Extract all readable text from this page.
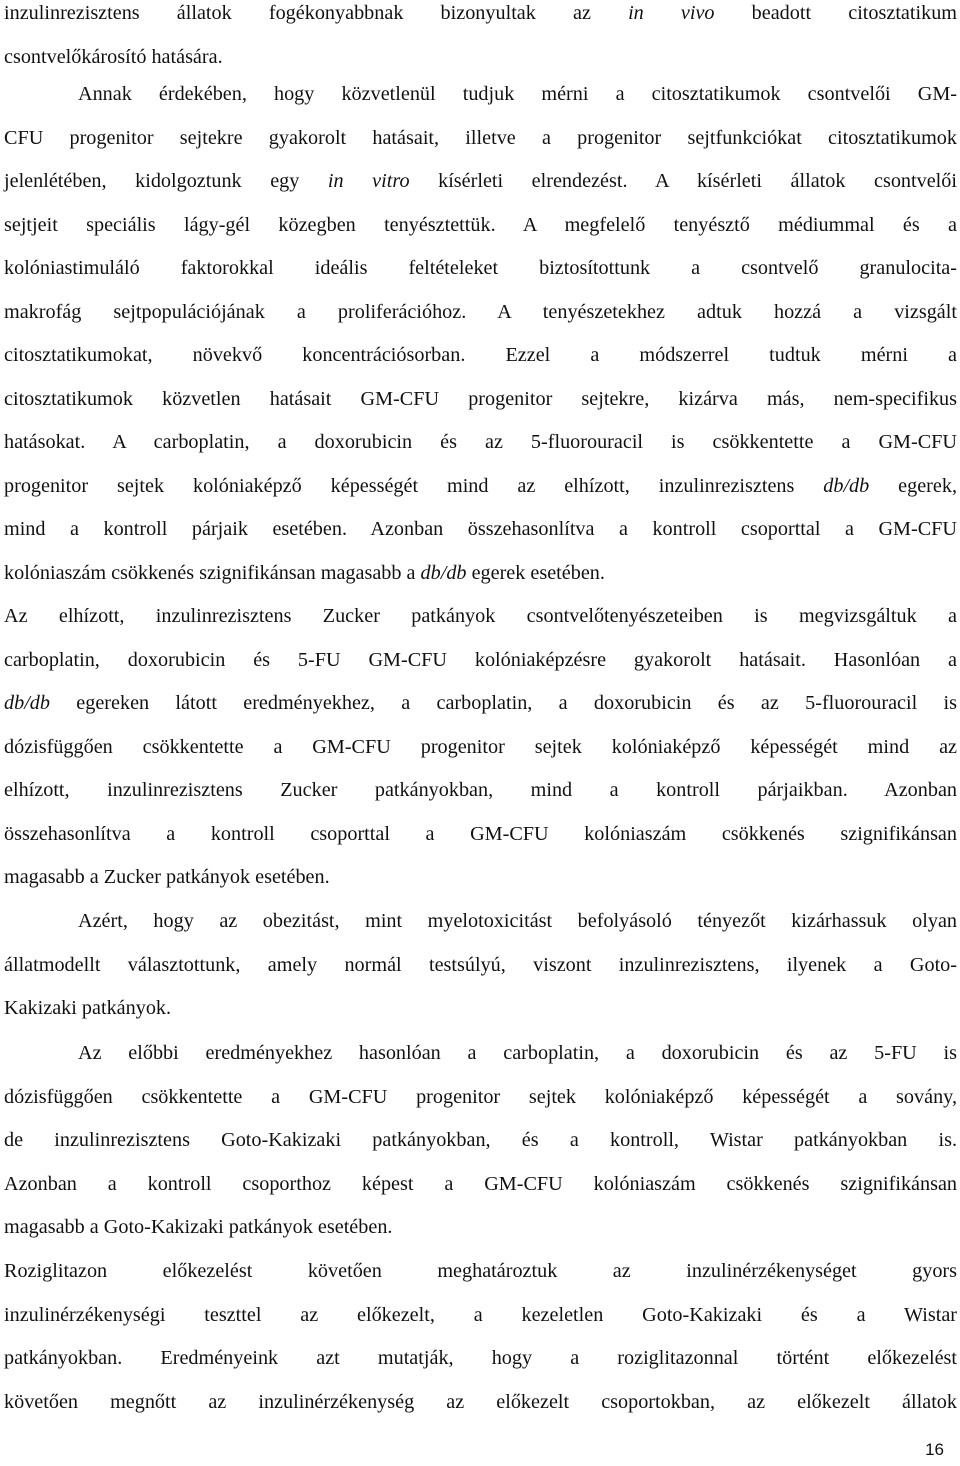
inzulinrezisztens állatok fogékonyabbnak bizonyultak az in vivo beadott citosztatikum
csontvelőkárosító hatására.
Annak érdekében, hogy közvetlenül tudjuk mérni a citosztatikumok csontvelői GM-
CFU progenitor sejtekre gyakorolt hatásait, illetve a progenitor sejtfunkciókat citosztatikumok
jelenlétében, kidolgoztunk egy in vitro kísérleti elrendezést. A kísérleti állatok csontvelői
sejtjeit speciális lágy-gél közegben tenyésztettük. A megfelelő tenyésztő médiummal és a
kolóniastimuláló faktorokkal ideális feltételeket biztosítottunk a csontvelő granulocita-
makrofág sejtpopulációjának a proliferációhoz. A tenyészetekhez adtuk hozzá a vizsgált
citosztatikumokat, növekvő koncentrációsorban. Ezzel a módszerrel tudtuk mérni a
citosztatikumok közvetlen hatásait GM-CFU progenitor sejtekre, kizárva más, nem-specifikus
hatásokat. A carboplatin, a doxorubicin és az 5-fluorouracil is csökkentette a GM-CFU
progenitor sejtek kolóniaképző képességét mind az elhízott, inzulinrezisztens db/db egerek,
mind a kontroll párjaik esetében. Azonban összehasonlítva a kontroll csoporttal a GM-CFU
kolóniaszám csökkenés szignifikánsan magasabb a db/db egerek esetében.
Az elhízott, inzulinrezisztens Zucker patkányok csontvelőtenyészeteiben is megvizsgáltuk a
carboplatin, doxorubicin és 5-FU GM-CFU kolóniaképzésre gyakorolt hatásait. Hasonlóan a
db/db egereken látott eredményekhez, a carboplatin, a doxorubicin és az 5-fluorouracil is
dózisfüggően csökkentette a GM-CFU progenitor sejtek kolóniaképző képességét mind az
elhízott, inzulinrezisztens Zucker patkányokban, mind a kontroll párjaikban. Azonban
összehasonlítva a kontroll csoporttal a GM-CFU kolóniaszám csökkenés szignifikánsan
magasabb a Zucker patkányok esetében.
Azért, hogy az obezitást, mint myelotoxicitást befolyásoló tényezőt kizárhassuk olyan
állatmodellt választottunk, amely normál testsúlyú, viszont inzulinrezisztens, ilyenek a Goto-
Kakizaki patkányok.
Az előbbi eredményekhez hasonlóan a carboplatin, a doxorubicin és az 5-FU is
dózisfüggően csökkentette a GM-CFU progenitor sejtek kolóniaképző képességét a sovány,
de inzulinrezisztens Goto-Kakizaki patkányokban, és a kontroll, Wistar patkányokban is.
Azonban a kontroll csoporthoz képest a GM-CFU kolóniaszám csökkenés szignifikánsan
magasabb a Goto-Kakizaki patkányok esetében.
Roziglitazon előkezelést követően meghatároztuk az inzulinérzékenységet gyors
inzulinérzékenységi teszttel az előkezelt, a kezeletlen Goto-Kakizaki és a Wistar
patkányokban. Eredményeink azt mutatják, hogy a roziglitazonnal történt előkezelést
követően megnőtt az inzulinérzékenység az előkezelt csoportokban, az előkezelt állatok
16
